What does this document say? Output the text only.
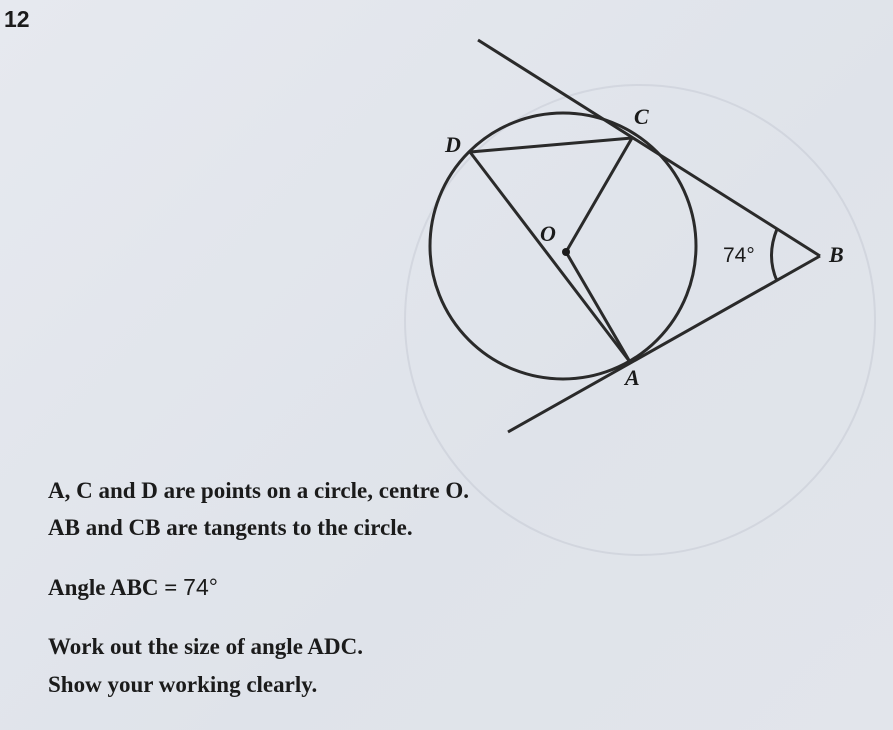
12
C
D
O
B
A
74°
A, C and D are points on a circle, centre O.
AB and CB are tangents to the circle.
Angle ABC = 74°
Work out the size of angle ADC.
Show your working clearly.
